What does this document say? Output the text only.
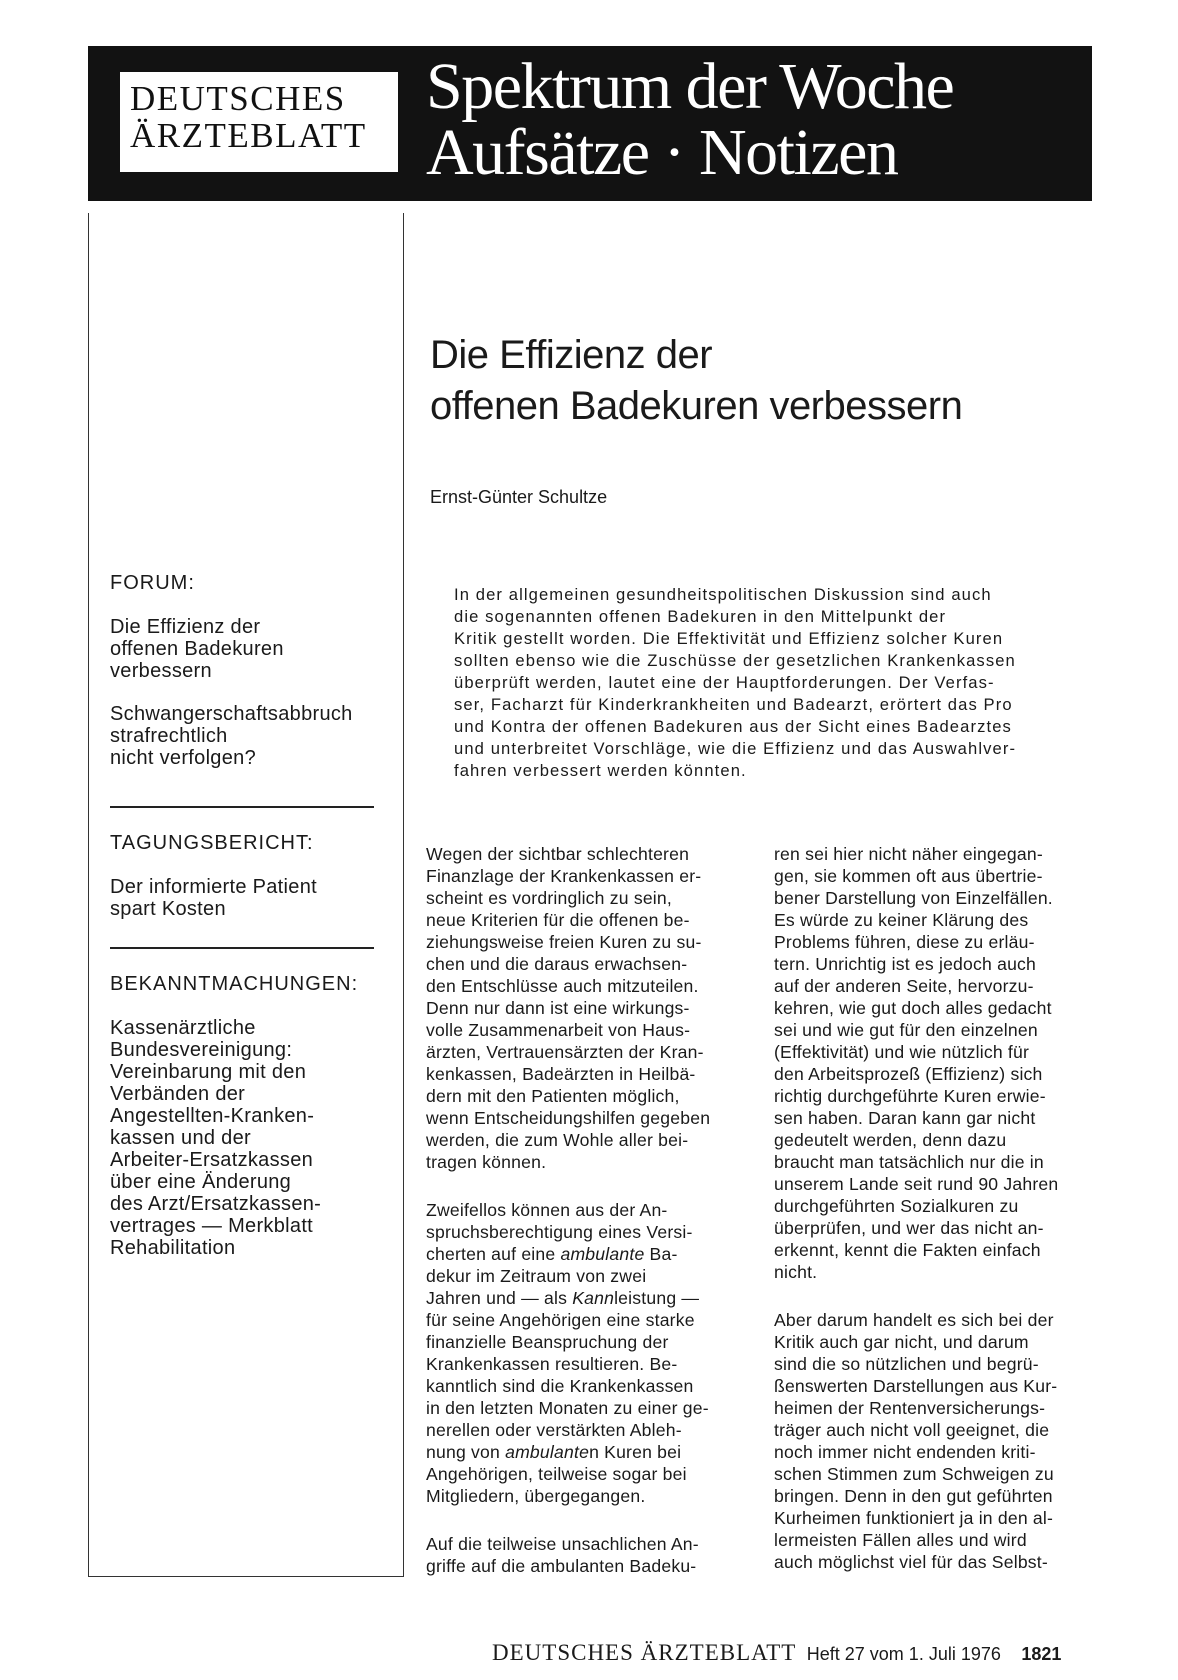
DEUTSCHES
ÄRZTEBLATT
Spektrum der Woche
Aufsätze · Notizen
FORUM:
Die Effizienz der
offenen Badekuren
verbessern
Schwangerschaftsabbruch
strafrechtlich
nicht verfolgen?
TAGUNGSBERICHT:
Der informierte Patient
spart Kosten
BEKANNTMACHUNGEN:
Kassenärztliche
Bundesvereinigung:
Vereinbarung mit den
Verbänden der
Angestellten-Kranken-
kassen und der
Arbeiter-Ersatzkassen
über eine Änderung
des Arzt/Ersatzkassen-
vertrages — Merkblatt
Rehabilitation
Die Effizienz der
offenen Badekuren verbessern
Ernst-Günter Schultze
In der allgemeinen gesundheitspolitischen Diskussion sind auch
die sogenannten offenen Badekuren in den Mittelpunkt der
Kritik gestellt worden. Die Effektivität und Effizienz solcher Kuren
sollten ebenso wie die Zuschüsse der gesetzlichen Krankenkassen
überprüft werden, lautet eine der Hauptforderungen. Der Verfas-
ser, Facharzt für Kinderkrankheiten und Badearzt, erörtert das Pro
und Kontra der offenen Badekuren aus der Sicht eines Badearztes
und unterbreitet Vorschläge, wie die Effizienz und das Auswahlver-
fahren verbessert werden könnten.

Wegen der sichtbar schlechteren
Finanzlage der Krankenkassen er-
scheint es vordringlich zu sein,
neue Kriterien für die offenen be-
ziehungsweise freien Kuren zu su-
chen und die daraus erwachsen-
den Entschlüsse auch mitzuteilen.
Denn nur dann ist eine wirkungs-
volle Zusammenarbeit von Haus-
ärzten, Vertrauensärzten der Kran-
kenkassen, Badeärzten in Heilbä-
dern mit den Patienten möglich,
wenn Entscheidungshilfen gegeben
werden, die zum Wohle aller bei-
tragen können.

Zweifellos können aus der An-
spruchsberechtigung eines Versi-
cherten auf eine ambulante Ba-
dekur im Zeitraum von zwei
Jahren und — als Kannleistung —
für seine Angehörigen eine starke
finanzielle Beanspruchung der
Krankenkassen resultieren. Be-
kanntlich sind die Krankenkassen
in den letzten Monaten zu einer ge-
nerellen oder verstärkten Ableh-
nung von ambulanten Kuren bei
Angehörigen, teilweise sogar bei
Mitgliedern, übergegangen.

Auf die teilweise unsachlichen An-
griffe auf die ambulanten Badeku-

ren sei hier nicht näher eingegan-
gen, sie kommen oft aus übertrie-
bener Darstellung von Einzelfällen.
Es würde zu keiner Klärung des
Problems führen, diese zu erläu-
tern. Unrichtig ist es jedoch auch
auf der anderen Seite, hervorzu-
kehren, wie gut doch alles gedacht
sei und wie gut für den einzelnen
(Effektivität) und wie nützlich für
den Arbeitsprozeß (Effizienz) sich
richtig durchgeführte Kuren erwie-
sen haben. Daran kann gar nicht
gedeutelt werden, denn dazu
braucht man tatsächlich nur die in
unserem Lande seit rund 90 Jahren
durchgeführten Sozialkuren zu
überprüfen, und wer das nicht an-
erkennt, kennt die Fakten einfach
nicht.

Aber darum handelt es sich bei der
Kritik auch gar nicht, und darum
sind die so nützlichen und begrü-
ßenswerten Darstellungen aus Kur-
heimen der Rentenversicherungs-
träger auch nicht voll geeignet, die
noch immer nicht endenden kriti-
schen Stimmen zum Schweigen zu
bringen. Denn in den gut geführten
Kurheimen funktioniert ja in den al-
lermeisten Fällen alles und wird
auch möglichst viel für das Selbst-

DEUTSCHES ÄRZTEBLATT Heft 27 vom 1. Juli 1976 1821
